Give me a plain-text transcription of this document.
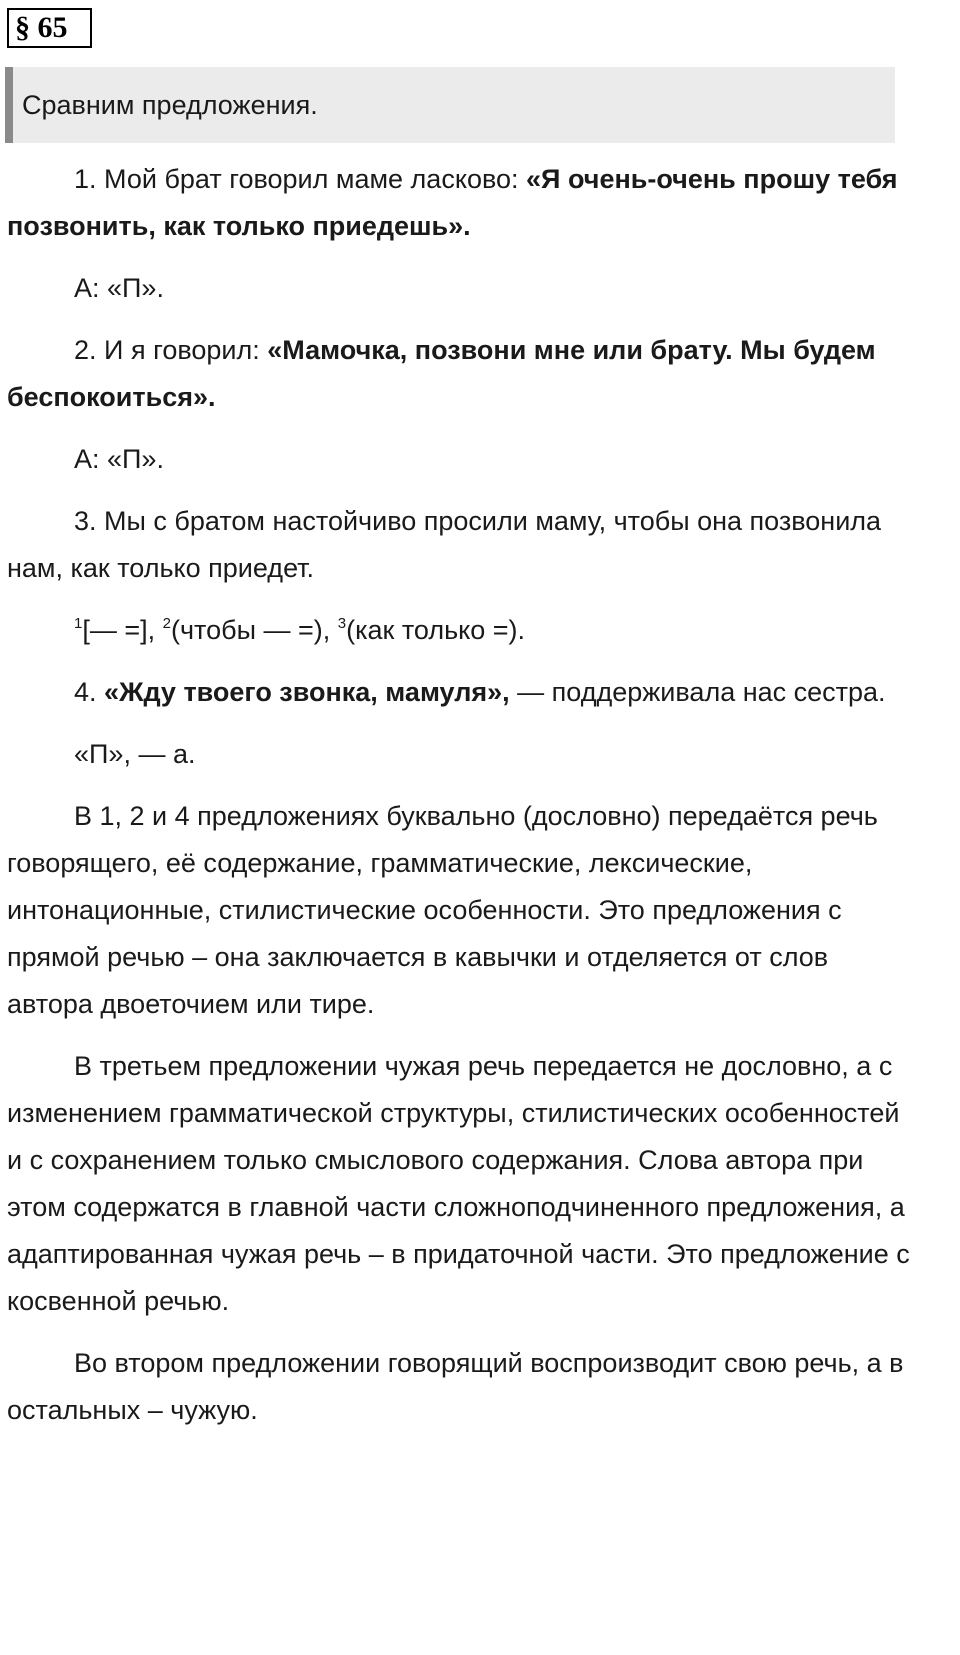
§ 65
Сравним предложения.

1. Мой брат говорил маме ласково: «Я очень-очень прошу тебя позвонить, как только приедешь».

А: «П».

2. И я говорил: «Мамочка, позвони мне или брату. Мы будем беспокоиться».

А: «П».

3. Мы с братом настойчиво просили маму, чтобы она позвонила нам, как только приедет.

$^1$[— =], $^2$(чтобы — =), $^3$(как только =).

4. «Жду твоего звонка, мамуля», — поддерживала нас сестра.

«П», — а.

В 1, 2 и 4 предложениях буквально (дословно) передаётся речь говорящего, её содержание, грамматические, лексические, интонационные, стилистические особенности. Это предложения с прямой речью – она заключается в кавычки и отделяется от слов автора двоеточием или тире.

В третьем предложении чужая речь передается не дословно, а с изменением грамматической структуры, стилистических особенностей и с сохранением только смыслового содержания. Слова автора при этом содержатся в главной части сложноподчиненного предложения, а адаптированная чужая речь – в придаточной части. Это предложение с косвенной речью.

Во втором предложении говорящий воспроизводит свою речь, а в остальных – чужую.
